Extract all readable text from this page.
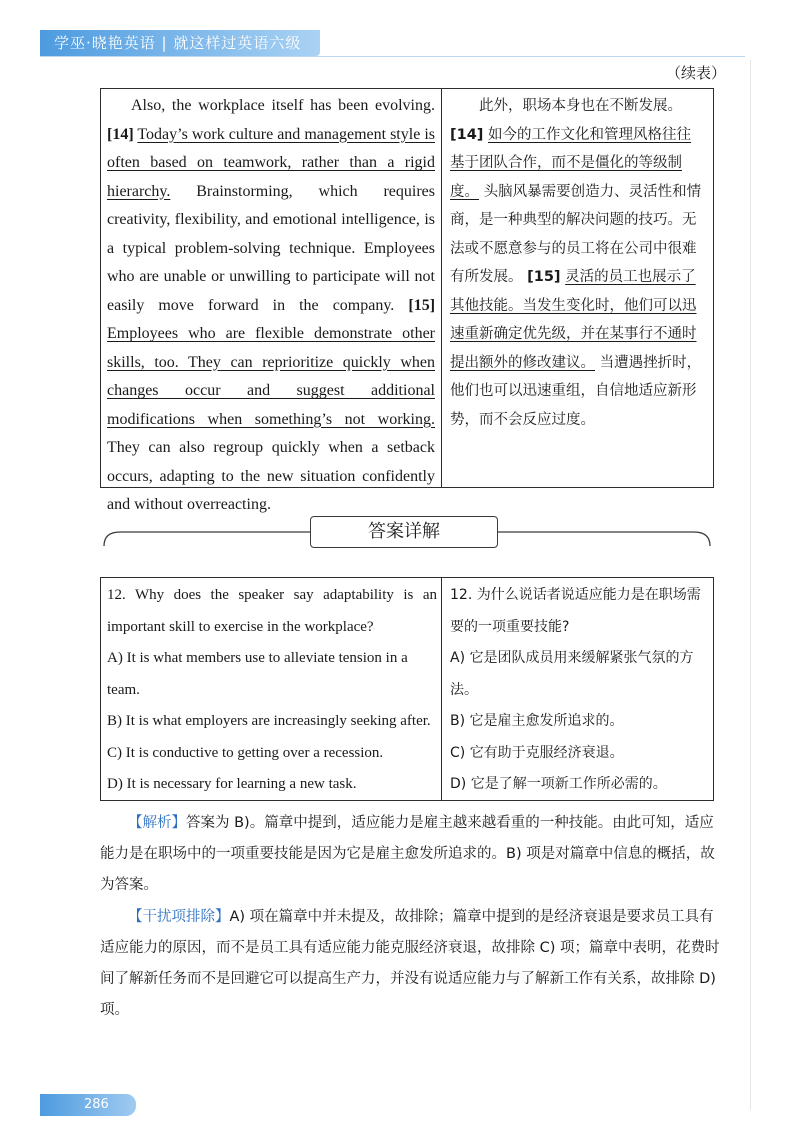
学巫·晓艳英语 | 就这样过英语六级
（续表）
Also, the workplace itself has been evolving. [14] Today’s work culture and management style is often based on teamwork, rather than a rigid hierarchy. Brainstorming, which requires creativity, flexibility, and emotional intelligence, is a typical problem-solving technique. Employees who are unable or unwilling to participate will not easily move forward in the company. [15] Employees who are flexible demonstrate other skills, too. They can reprioritize quickly when changes occur and suggest additional modifications when something’s not working. They can also regroup quickly when a setback occurs, adapting to the new situation confidently and without overreacting.
此外，职场本身也在不断发展。 [14] 如今的工作文化和管理风格往往基于团队合作，而不是僵化的等级制度。 头脑风暴需要创造力、灵活性和情商，是一种典型的解决问题的技巧。无法或不愿意参与的员工将在公司中很难有所发展。 [15] 灵活的员工也展示了其他技能。当发生变化时，他们可以迅速重新确定优先级，并在某事行不通时提出额外的修改建议。 当遭遇挫折时，他们也可以迅速重组，自信地适应新形势，而不会反应过度。
答案详解
12. Why does the speaker say adaptability is an important skill to exercise in the workplace?
A) It is what members use to alleviate tension in a team.
B) It is what employers are increasingly seeking after.
C) It is conductive to getting over a recession.
D) It is necessary for learning a new task.
12. 为什么说话者说适应能力是在职场需要的一项重要技能?
A) 它是团队成员用来缓解紧张气氛的方法。
B) 它是雇主愈发所追求的。
C) 它有助于克服经济衰退。
D) 它是了解一项新工作所必需的。
【解析】答案为 B)。篇章中提到，适应能力是雇主越来越看重的一种技能。由此可知，适应能力是在职场中的一项重要技能是因为它是雇主愈发所追求的。B) 项是对篇章中信息的概括，故为答案。
【干扰项排除】A) 项在篇章中并未提及，故排除；篇章中提到的是经济衰退是要求员工具有适应能力的原因，而不是员工具有适应能力能克服经济衰退，故排除 C) 项；篇章中表明，花费时间了解新任务而不是回避它可以提高生产力，并没有说适应能力与了解新工作有关系，故排除 D) 项。
286
